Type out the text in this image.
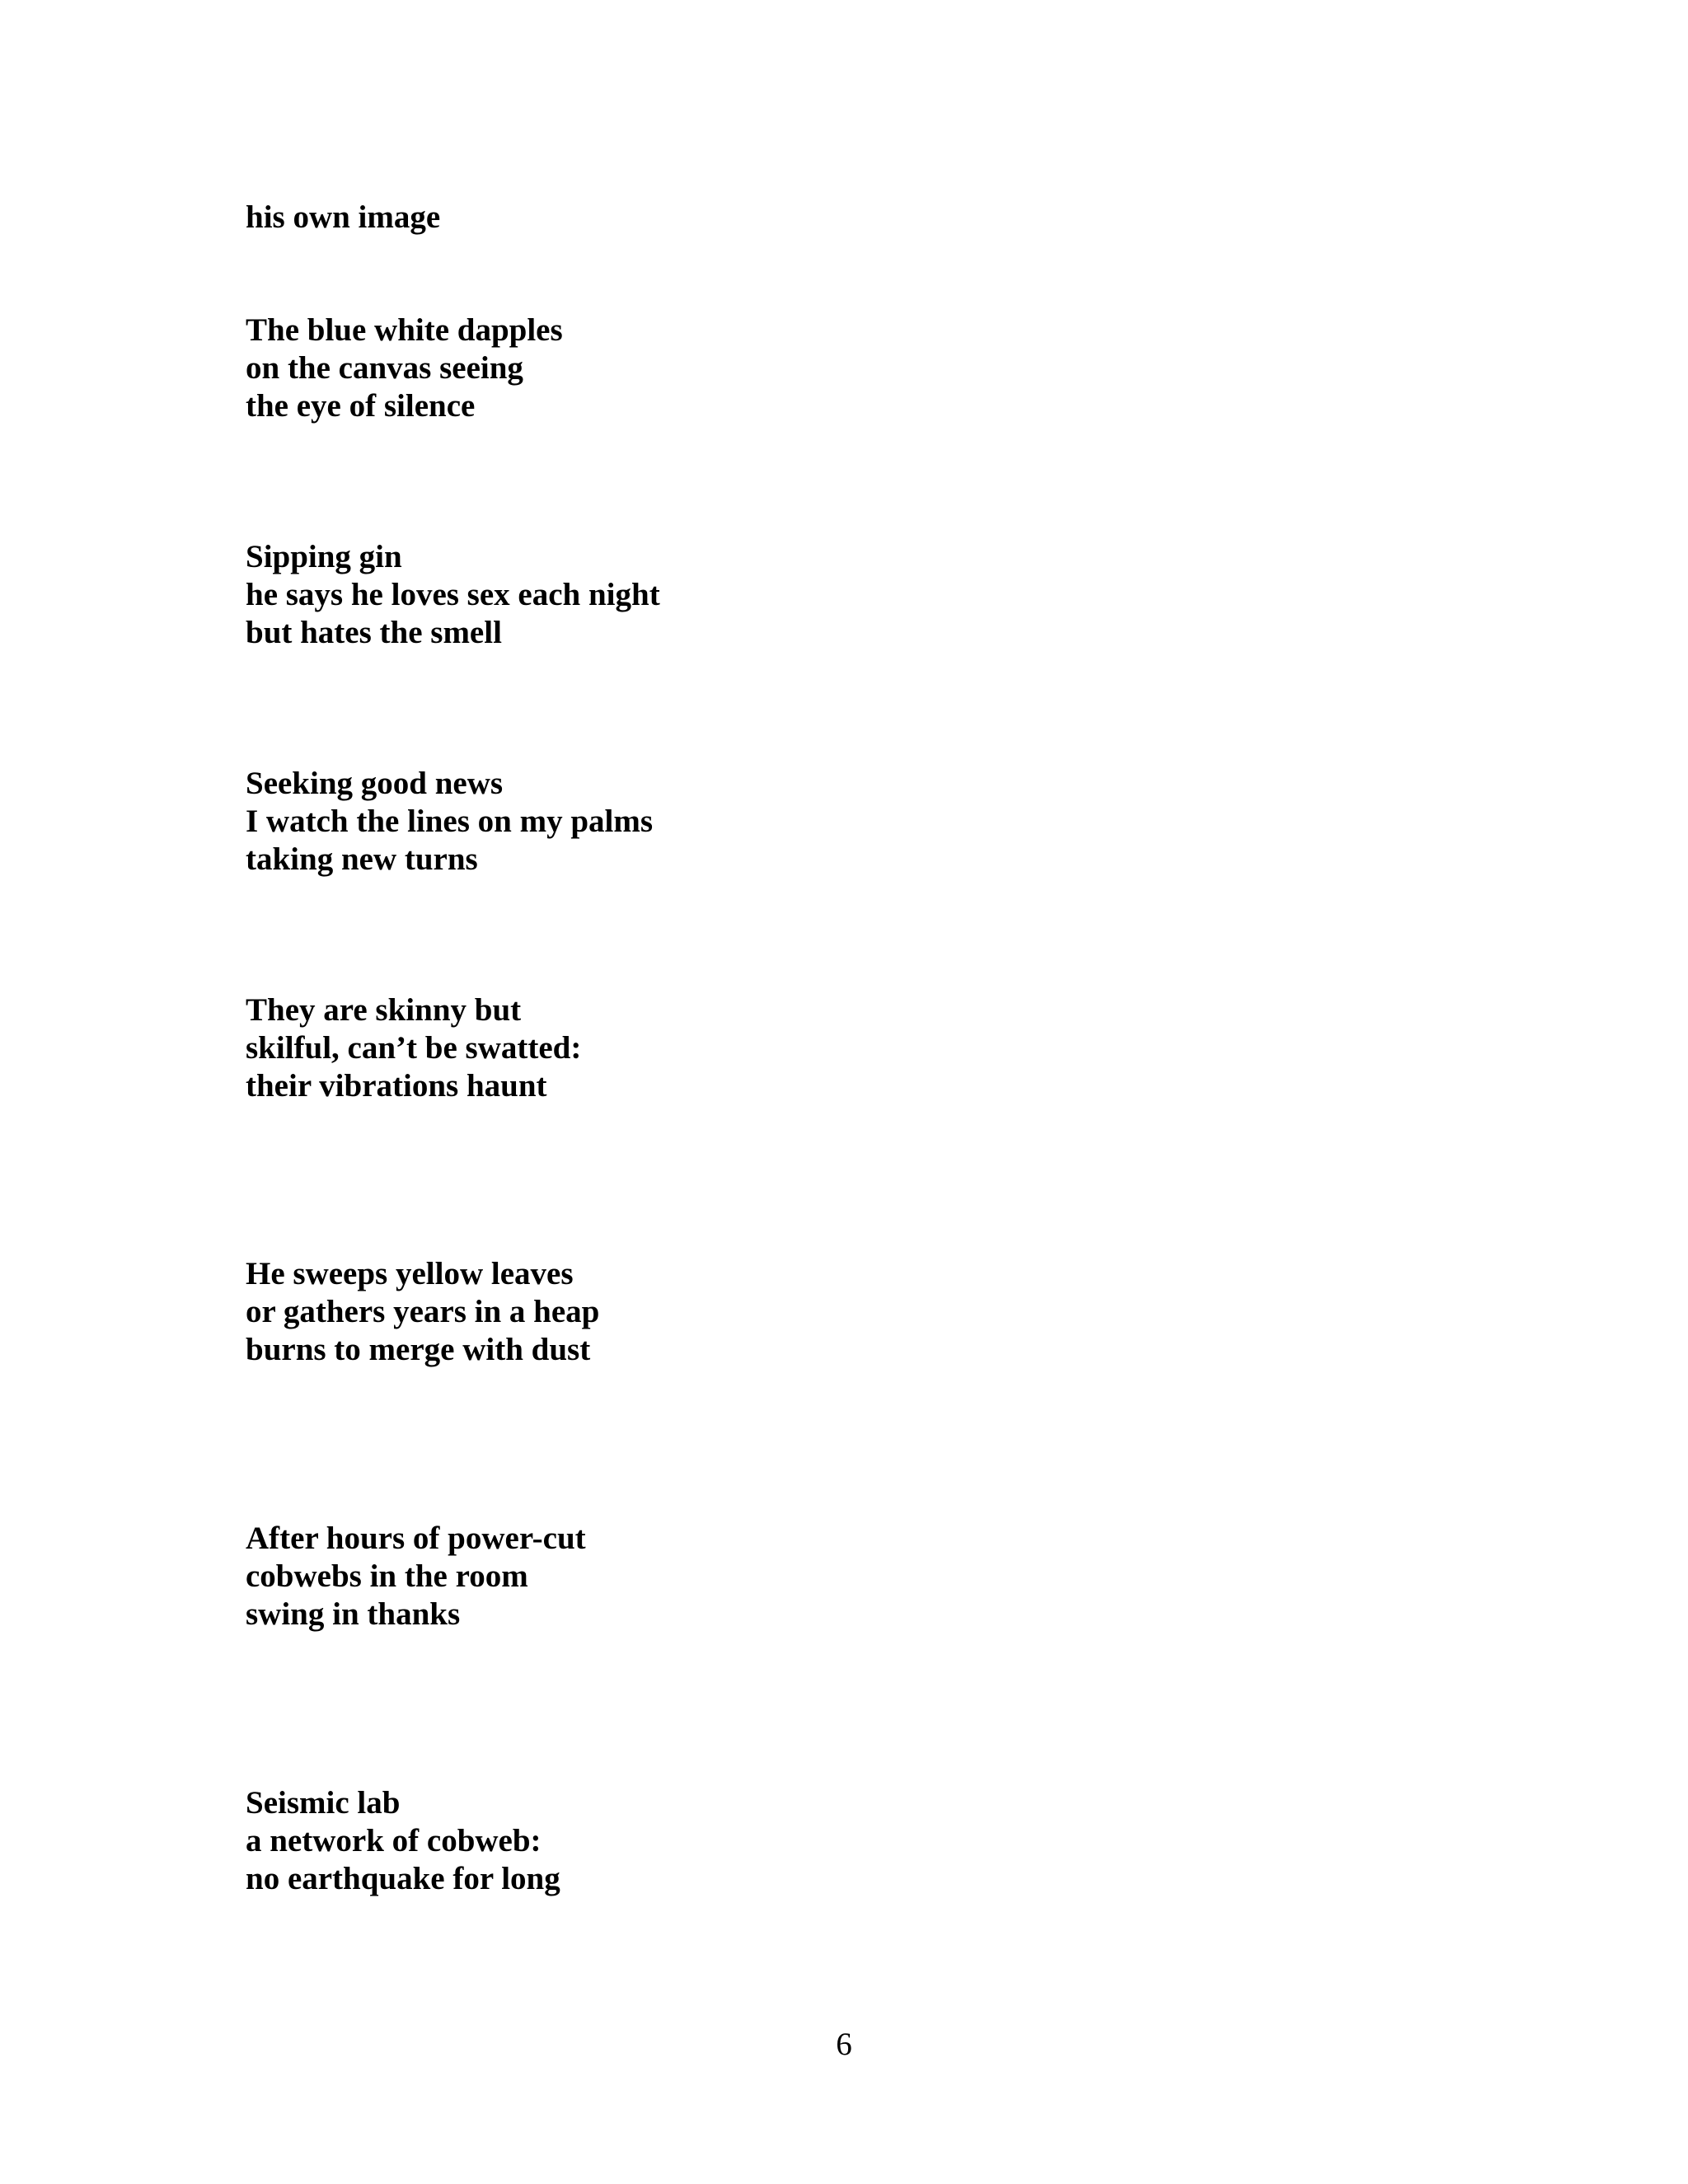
his own image
The blue white dapples
on the canvas seeing
the eye of silence
Sipping gin
he says he loves sex each night
but hates the smell
Seeking good news
I watch the lines on my palms
taking new turns
They are skinny but
skilful, can’t be swatted:
their vibrations haunt
He sweeps yellow leaves
or gathers years in a heap
burns to merge with dust
After hours of power-cut
cobwebs in the room
swing in thanks
Seismic lab
a network of cobweb:
no earthquake for long
6
